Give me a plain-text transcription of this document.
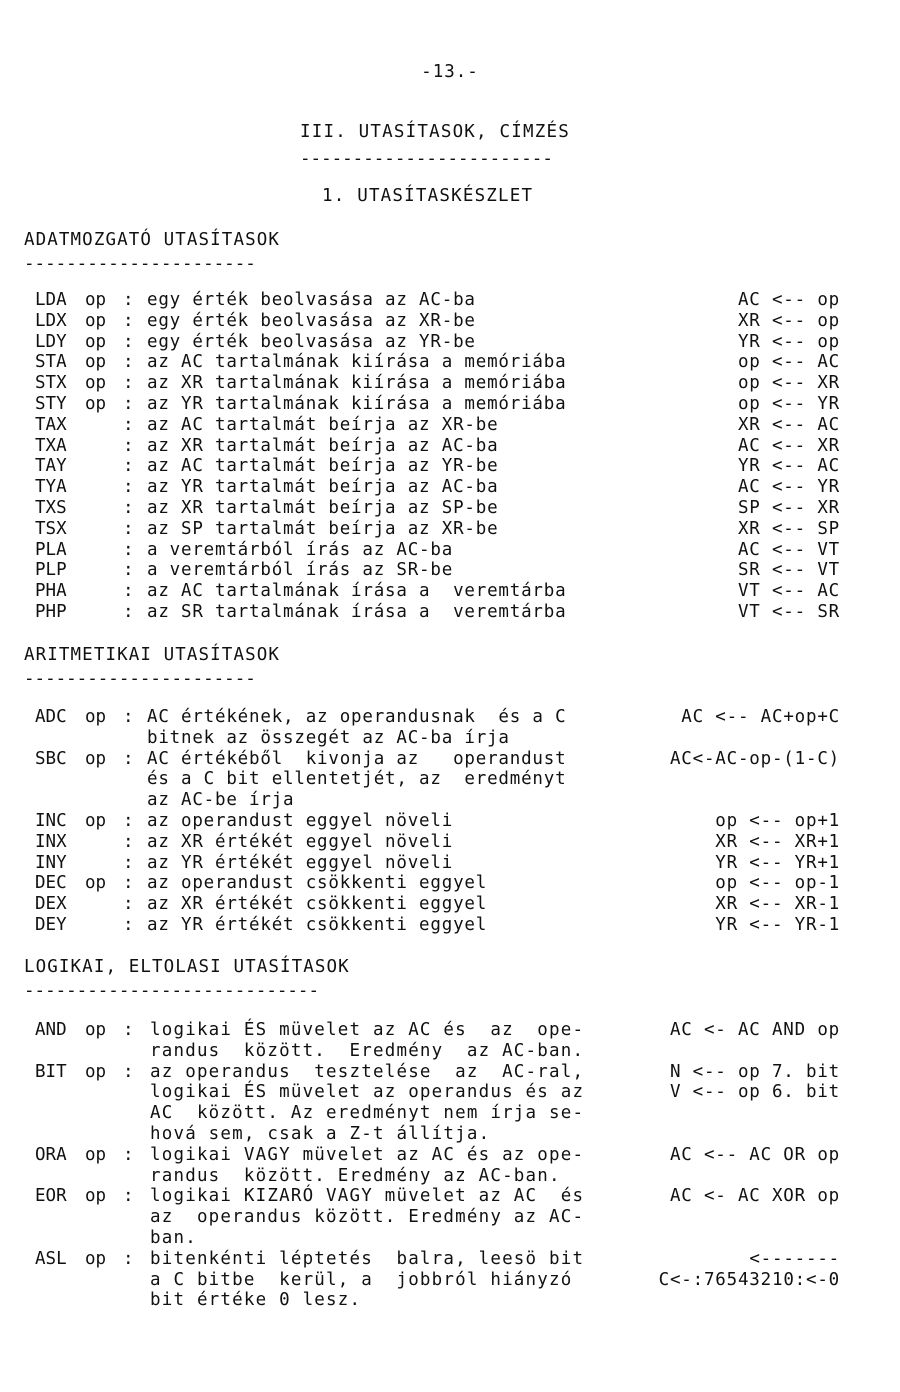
-13.-
III. UTASÍTASOK, CÍMZÉS
------------------------
1. UTASÍTASKÉSZLET
ADATMOZGATÓ UTASÍTASOK
----------------------
LDA op : egy érték beolvasása az AC-ba	AC <-- op
LDX op : egy érték beolvasása az XR-be	XR <-- op
LDY op : egy érték beolvasása az YR-be	YR <-- op
STA op : az AC tartalmának kiírása a memóriába	op <-- AC
STX op : az XR tartalmának kiírása a memóriába	op <-- XR
STY op : az YR tartalmának kiírása a memóriába	op <-- YR
TAX	: az AC tartalmát beírja az XR-be	XR <-- AC
TXA	: az XR tartalmát beírja az AC-ba	AC <-- XR
TAY	: az AC tartalmát beírja az YR-be	YR <-- AC
TYA	: az YR tartalmát beírja az AC-ba	AC <-- YR
TXS	: az XR tartalmát beírja az SP-be	SP <-- XR
TSX	: az SP tartalmát beírja az XR-be	XR <-- SP
PLA	: a veremtárból írás az AC-ba	AC <-- VT
PLP	: a veremtárból írás az SR-be	SR <-- VT
PHA	: az AC tartalmának írása a  veremtárba	VT <-- AC
PHP	: az SR tartalmának írása a  veremtárba	VT <-- SR
ARITMETIKAI UTASÍTASOK
----------------------
ADC op : AC értékének, az operandusnak  és a C	AC <-- AC+op+C
bitnek az összegét az AC-ba írja
SBC op : AC értékéből  kivonja az   operandust	AC<-AC-op-(1-C)
és a C bit ellentetjét, az  eredményt
az AC-be írja
INC op : az operandust eggyel növeli	op <-- op+1
INX	: az XR értékét eggyel növeli	XR <-- XR+1
INY	: az YR értékét eggyel növeli	YR <-- YR+1
DEC op : az operandust csökkenti eggyel	op <-- op-1
DEX	: az XR értékét csökkenti eggyel	XR <-- XR-1
DEY	: az YR értékét csökkenti eggyel	YR <-- YR-1
LOGIKAI, ELTOLASI UTASÍTASOK
----------------------------
AND op : logikai ÉS müvelet az AC és  az  ope-	AC <- AC AND op
randus  között.  Eredmény  az AC-ban.
BIT op : az operandus  tesztelése  az  AC-ral,	N <-- op 7. bit
logikai ÉS müvelet az operandus és az	V <-- op 6. bit
AC  között. Az eredményt nem írja se-
hová sem, csak a Z-t állítja.
ORA op : logikai VAGY müvelet az AC és az ope-	AC <-- AC OR op
randus  között. Eredmény az AC-ban.
EOR op : logikai KIZARÓ VAGY müvelet az AC  és	AC <- AC XOR op
az  operandus között. Eredmény az AC-
ban.
ASL op : bitenkénti léptetés  balra, leesö bit	<-------
a C bitbe  kerül, a  jobbról hiányzó	C<-:76543210:<-0
bit értéke 0 lesz.
